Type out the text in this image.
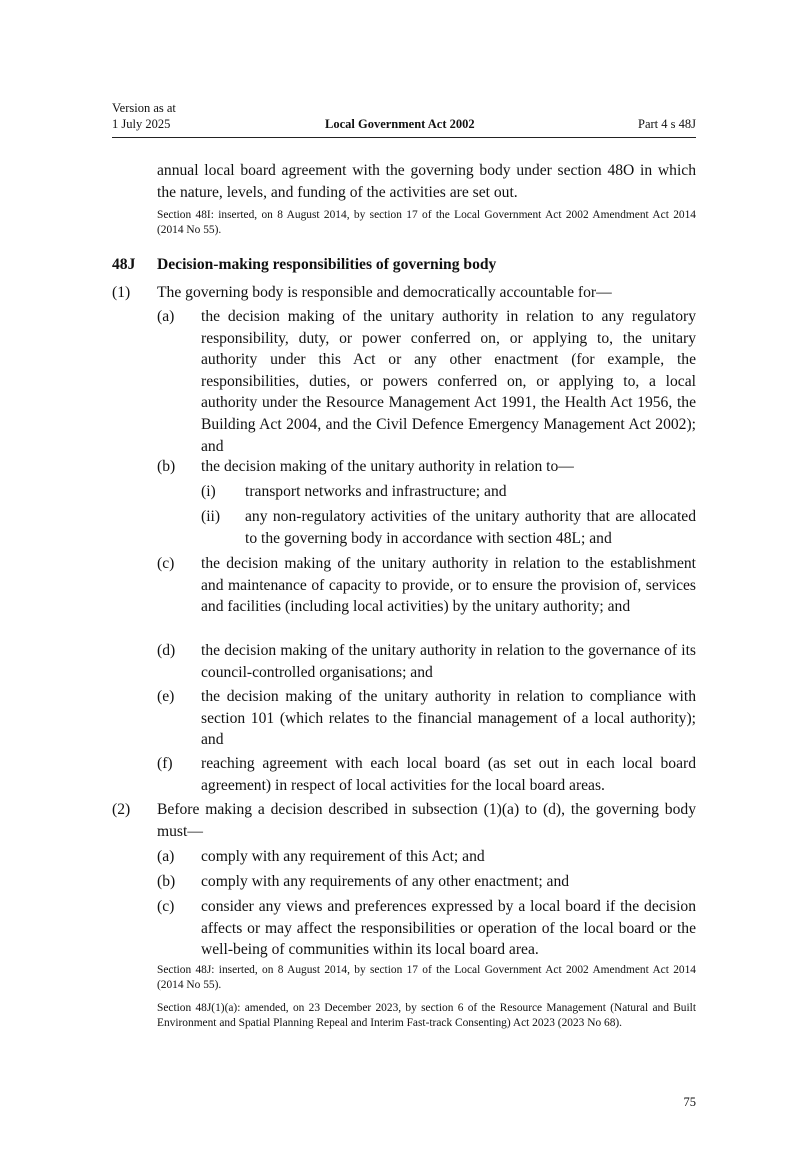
Version as at
1 July 2025	Local Government Act 2002	Part 4 s 48J
annual local board agreement with the governing body under section 48O in which the nature, levels, and funding of the activities are set out.
Section 48I: inserted, on 8 August 2014, by section 17 of the Local Government Act 2002 Amendment Act 2014 (2014 No 55).
48J Decision-making responsibilities of governing body
(1) The governing body is responsible and democratically accountable for—
(a) the decision making of the unitary authority in relation to any regulatory responsibility, duty, or power conferred on, or applying to, the unitary authority under this Act or any other enactment (for example, the responsibilities, duties, or powers conferred on, or applying to, a local authority under the Resource Management Act 1991, the Health Act 1956, the Building Act 2004, and the Civil Defence Emergency Management Act 2002); and
(b) the decision making of the unitary authority in relation to—
(i) transport networks and infrastructure; and
(ii) any non-regulatory activities of the unitary authority that are allocated to the governing body in accordance with section 48L; and
(c) the decision making of the unitary authority in relation to the establishment and maintenance of capacity to provide, or to ensure the provision of, services and facilities (including local activities) by the unitary authority; and
(d) the decision making of the unitary authority in relation to the governance of its council-controlled organisations; and
(e) the decision making of the unitary authority in relation to compliance with section 101 (which relates to the financial management of a local authority); and
(f) reaching agreement with each local board (as set out in each local board agreement) in respect of local activities for the local board areas.
(2) Before making a decision described in subsection (1)(a) to (d), the governing body must—
(a) comply with any requirement of this Act; and
(b) comply with any requirements of any other enactment; and
(c) consider any views and preferences expressed by a local board if the decision affects or may affect the responsibilities or operation of the local board or the well-being of communities within its local board area.
Section 48J: inserted, on 8 August 2014, by section 17 of the Local Government Act 2002 Amendment Act 2014 (2014 No 55).
Section 48J(1)(a): amended, on 23 December 2023, by section 6 of the Resource Management (Natural and Built Environment and Spatial Planning Repeal and Interim Fast-track Consenting) Act 2023 (2023 No 68).
75
